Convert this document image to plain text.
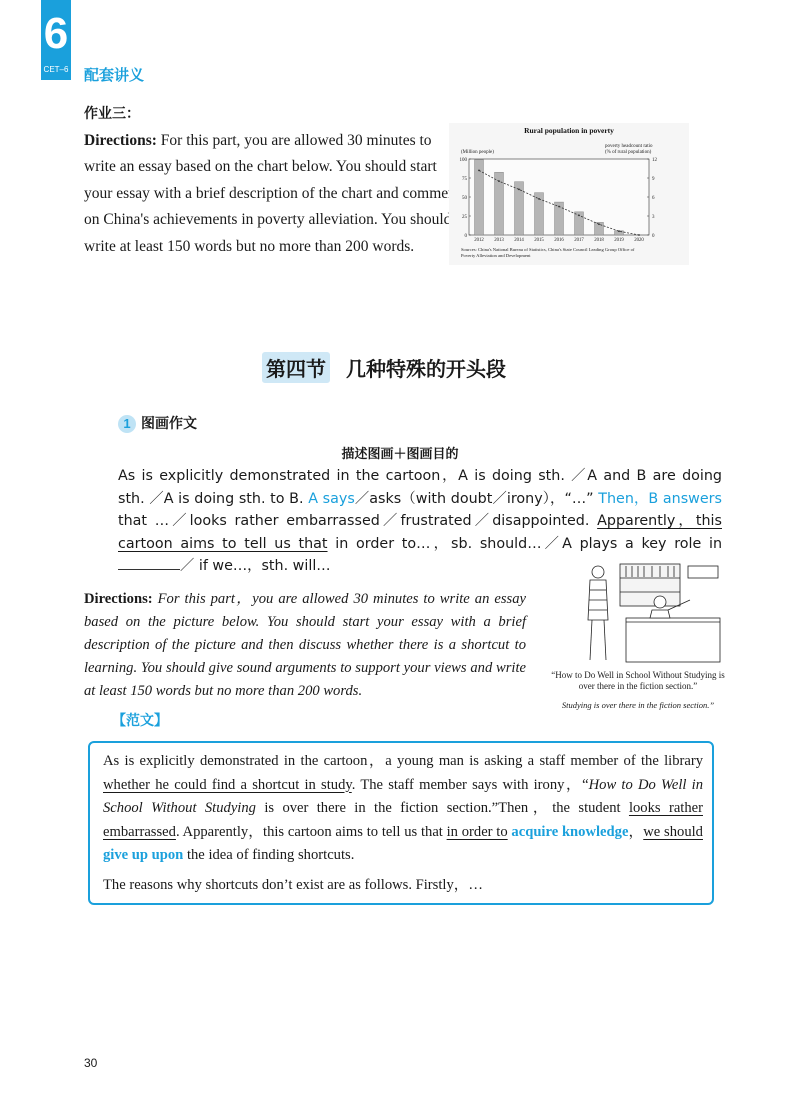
6
CET–6 配套讲义
作业三：
Directions: For this part, you are allowed 30 minutes to write an essay based on the chart below. You should start your essay with a brief description of the chart and comment on China's achievements in poverty alleviation. You should write at least 150 words but no more than 200 words.
Rural population in poverty
(Million people)
poverty headcount ratio
(% of rural population)
0
25
50
75
100
0
3
6
9
12
2012 2013 2014 2015 2016 2017 2018 2019 2020
Sources: China's National Bureau of Statistics, China's State Council Leading Group Office of Poverty Alleviation and Development
第四节 几种特殊的开头段
1 图画作文
描述图画＋图画目的
As is explicitly demonstrated in the cartoon，A is doing sth. ／A and B are doing sth. ／A is doing sth. to B. A says／asks（with doubt／irony），“…” Then，B answers that …／looks rather embarrassed／frustrated／disappointed. Apparently，this cartoon aims to tell us that in order to…，sb. should…／A plays a key role in ／ if we…，sth. will…
Directions: For this part，you are allowed 30 minutes to write an essay based on the picture below. You should start your essay with a brief description of the picture and then discuss whether there is a shortcut to learning. You should give sound arguments to support your views and write at least 150 words but no more than 200 words.
“How to Do Well in School Without Studying is over there in the fiction section.”
Studying is over there in the fiction section.”
【范文】
As is explicitly demonstrated in the cartoon，a young man is asking a staff member of the library whether he could find a shortcut in study. The staff member says with irony，“How to Do Well in School Without Studying is over there in the fiction section.”Then，the student looks rather embarrassed. Apparently，this cartoon aims to tell us that in order to acquire knowledge，we should give up upon the idea of finding shortcuts.
The reasons why shortcuts don’t exist are as follows. Firstly，…
30
